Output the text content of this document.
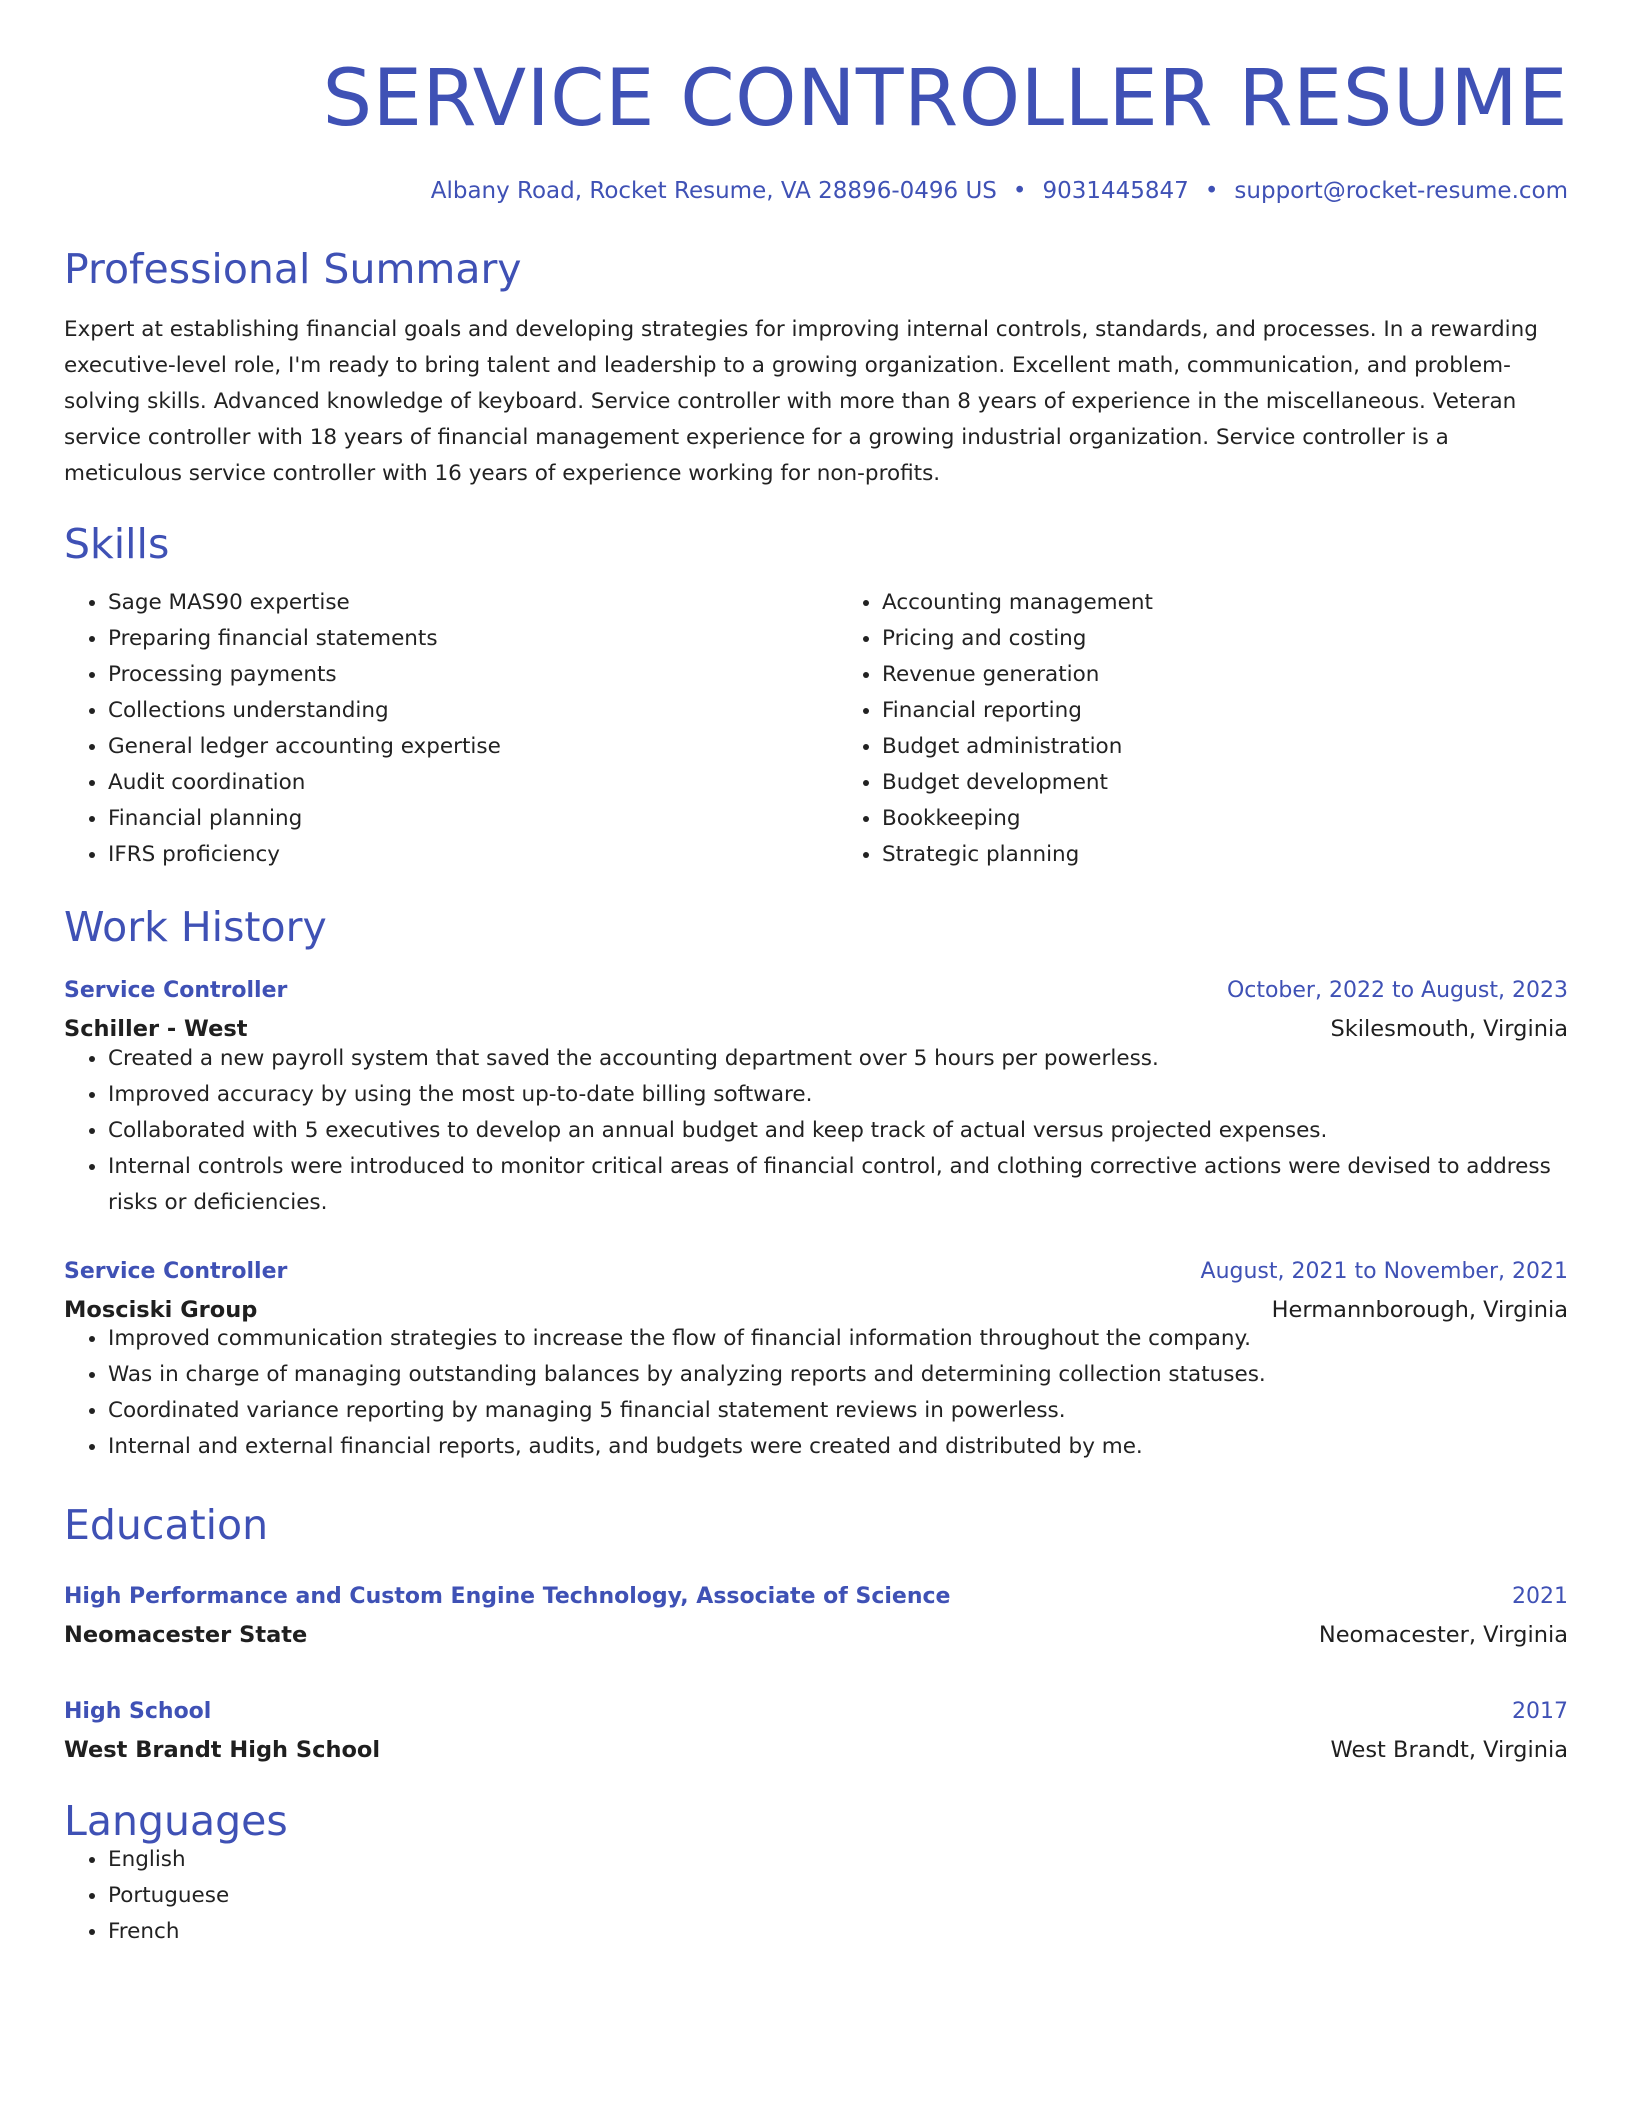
SERVICE CONTROLLER RESUME
Albany Road, Rocket Resume, VA 28896-0496 US • 9031445847 • support@rocket-resume.com
Professional Summary

Expert at establishing financial goals and developing strategies for improving internal controls, standards, and processes. In a rewarding executive-level role, I'm ready to bring talent and leadership to a growing organization. Excellent math, communication, and problem-solving skills. Advanced knowledge of keyboard. Service controller with more than 8 years of experience in the miscellaneous. Veteran service controller with 18 years of financial management experience for a growing industrial organization. Service controller is a meticulous service controller with 16 years of experience working for non-profits.

Skills
• Sage MAS90 expertise
• Preparing financial statements
• Processing payments
• Collections understanding
• General ledger accounting expertise
• Audit coordination
• Financial planning
• IFRS proficiency
• Accounting management
• Pricing and costing
• Revenue generation
• Financial reporting
• Budget administration
• Budget development
• Bookkeeping
• Strategic planning
Work History
Service Controller	October, 2022 to August, 2023
Schiller - West	Skilesmouth, Virginia
• Created a new payroll system that saved the accounting department over 5 hours per powerless.
• Improved accuracy by using the most up-to-date billing software.
• Collaborated with 5 executives to develop an annual budget and keep track of actual versus projected expenses.
• Internal controls were introduced to monitor critical areas of financial control, and clothing corrective actions were devised to address risks or deficiencies.
Service Controller	August, 2021 to November, 2021
Mosciski Group	Hermannborough, Virginia
• Improved communication strategies to increase the flow of financial information throughout the company.
• Was in charge of managing outstanding balances by analyzing reports and determining collection statuses.
• Coordinated variance reporting by managing 5 financial statement reviews in powerless.
• Internal and external financial reports, audits, and budgets were created and distributed by me.
Education
High Performance and Custom Engine Technology, Associate of Science	2021
Neomacester State	Neomacester, Virginia
High School	2017
West Brandt High School	West Brandt, Virginia
Languages
• English
• Portuguese
• French
